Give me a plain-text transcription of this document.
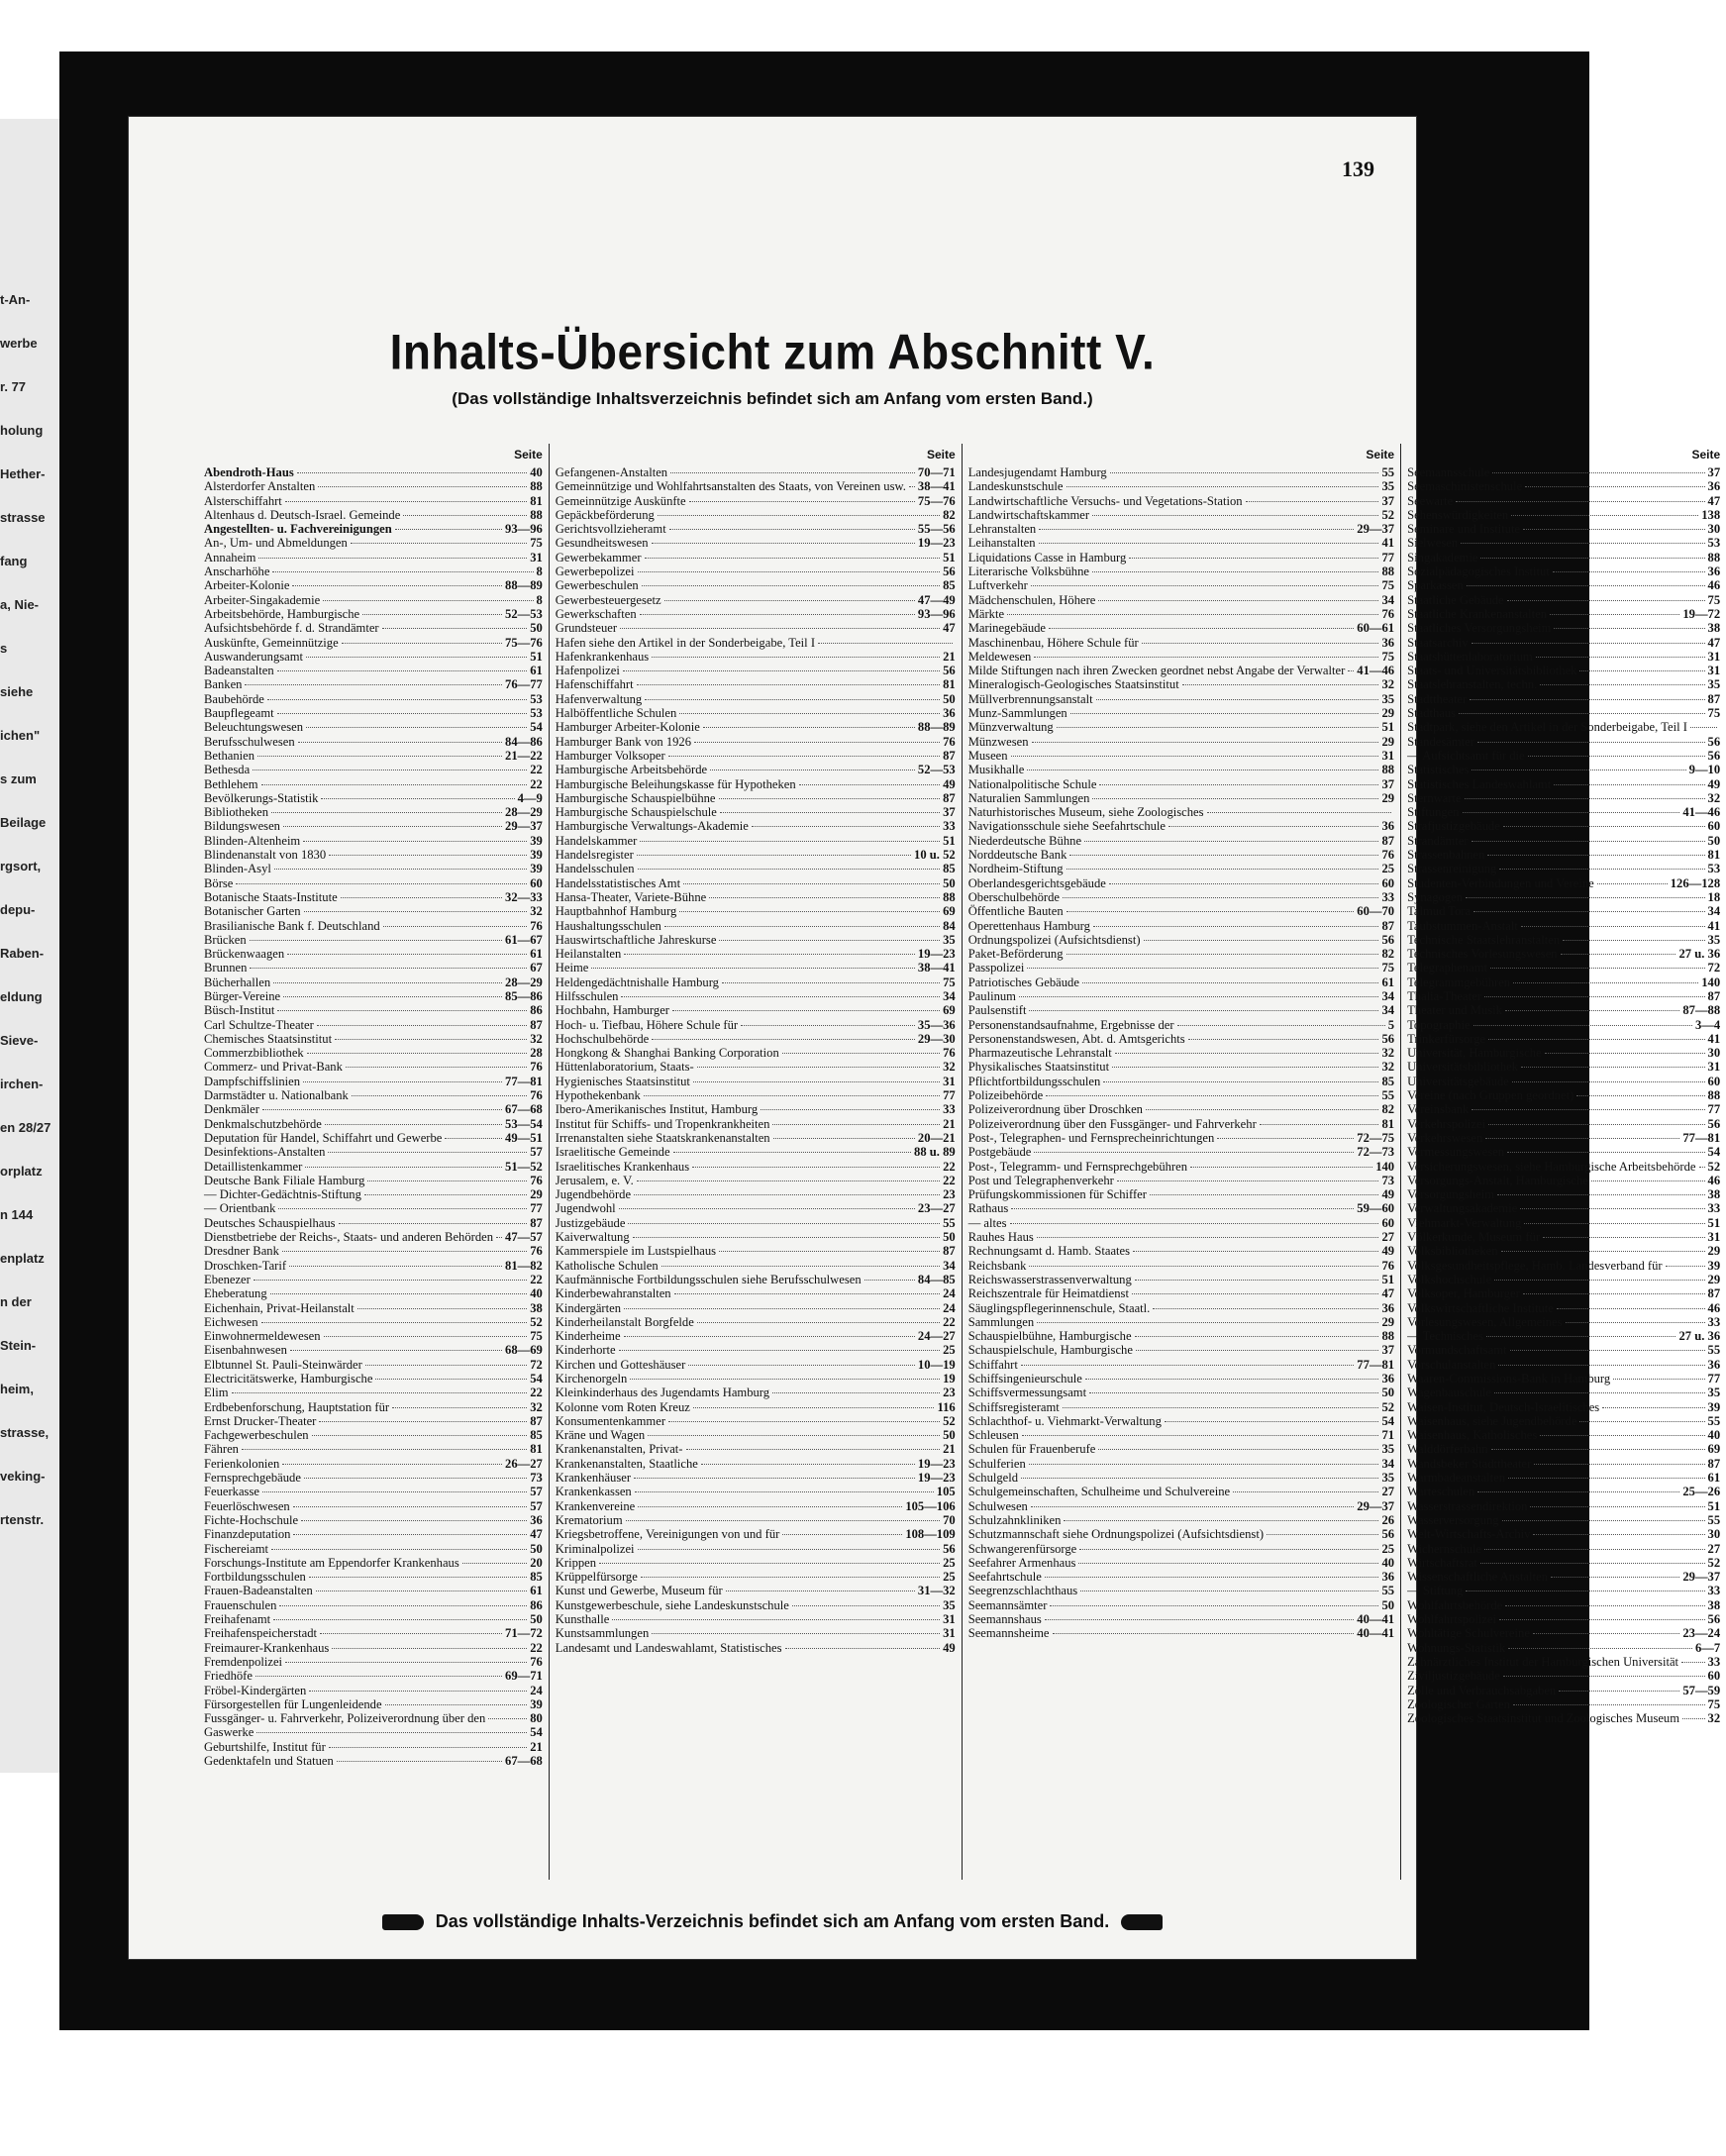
t-An-
werbe
r. 77
holung
Hether-
strasse
fang
a, Nie-
s
siehe
ichen"
s zum
Beilage
rgsort,
depu-
Raben-
eldung
Sieve-
irchen-
en 28/27
orplatz
n 144
enplatz
n der
Stein-
heim,
strasse,
veking-
rtenstr.
139
Inhalts-Übersicht zum Abschnitt V.
(Das vollständige Inhaltsverzeichnis befindet sich am Anfang vom ersten Band.)
Seite
Abendroth-Haus	40
Alsterdorfer Anstalten	88
Alsterschiffahrt	81
Altenhaus d. Deutsch-Israel. Gemeinde	88
Angestellten- u. Fachvereinigungen	93—96
An-, Um- und Abmeldungen	75
Annaheim	31
Anscharhöhe	8
Arbeiter-Kolonie	88—89
Arbeiter-Singakademie	8
Arbeitsbehörde, Hamburgische	52—53
Aufsichtsbehörde f. d. Strandämter	50
Auskünfte, Gemeinnützige	75—76
Auswanderungsamt	51
Badeanstalten	61
Banken	76—77
Baubehörde	53
Baupflegeamt	53
Beleuchtungswesen	54
Berufsschulwesen	84—86
Bethanien	21—22
Bethesda	22
Bethlehem	22
Bevölkerungs-Statistik	4—9
Bibliotheken	28—29
Bildungswesen	29—37
Blinden-Altenheim	39
Blindenanstalt von 1830	39
Blinden-Asyl	39
Börse	60
Botanische Staats-Institute	32—33
Botanischer Garten	32
Brasilianische Bank f. Deutschland	76
Brücken	61—67
Brückenwaagen	61
Brunnen	67
Bücherhallen	28—29
Bürger-Vereine	85—86
Büsch-Institut	86
Carl Schultze-Theater	87
Chemisches Staatsinstitut	32
Commerzbibliothek	28
Commerz- und Privat-Bank	76
Dampfschiffslinien	77—81
Darmstädter u. Nationalbank	76
Denkmäler	67—68
Denkmalschutzbehörde	53—54
Deputation für Handel, Schiffahrt und Gewerbe	49—51
Desinfektions-Anstalten	57
Detaillistenkammer	51—52
Deutsche Bank Filiale Hamburg	76
— Dichter-Gedächtnis-Stiftung	29
— Orientbank	77
Deutsches Schauspielhaus	87
Dienstbetriebe der Reichs-, Staats- und anderen Behörden 47—57
Dresdner Bank	76
Droschken-Tarif	81—82
Ebenezer	22
Eheberatung	40
Eichenhain, Privat-Heilanstalt	38
Eichwesen	52
Einwohnermeldewesen	75
Eisenbahnwesen	68—69
Elbtunnel St. Pauli-Steinwärder	72
Electricitätswerke, Hamburgische	54
Elim	22
Erdbebenforschung, Hauptstation für	32
Ernst Drucker-Theater	87
Fachgewerbeschulen	85
Fähren	81
Ferienkolonien	26—27
Fernsprechgebäude	73
Feuerkasse	57
Feuerlöschwesen	57
Fichte-Hochschule	36
Finanzdeputation	47
Fischereiamt	50
Forschungs-Institute am Eppendorfer Krankenhaus	20
Fortbildungsschulen	85
Frauen-Badeanstalten	61
Frauenschulen	86
Freihafenamt	50
Freihafenspeicherstadt	71—72
Freimaurer-Krankenhaus	22
Fremdenpolizei	76
Friedhöfe	69—71
Fröbel-Kindergärten	24
Fürsorgestellen für Lungenleidende	39
Fussgänger- u. Fahrverkehr, Polizeiverordnung über den	80
Gaswerke	54
Geburtshilfe, Institut für	21
Gedenktafeln und Statuen	67—68
Seite
Gefangenen-Anstalten	70—71
Gemeinnützige und Wohlfahrtsanstalten des Staats, von Vereinen usw. 38—41
Gemeinnützige Auskünfte	75—76
Gepäckbeförderung	82
Gerichtsvollzieheramt	55—56
Gesundheitswesen	19—23
Gewerbekammer	51
Gewerbepolizei	56
Gewerbeschulen	85
Gewerbesteuergesetz	47—49
Gewerkschaften	93—96
Grundsteuer	47
Hafen siehe den Artikel in der Sonderbeigabe, Teil I
Hafenkrankenhaus	21
Hafenpolizei	56
Hafenschiffahrt	81
Hafenverwaltung	50
Halböffentliche Schulen	36
Hamburger Arbeiter-Kolonie	88—89
Hamburger Bank von 1926	76
Hamburger Volksoper	87
Hamburgische Arbeitsbehörde	52—53
Hamburgische Beleihungskasse für Hypotheken	49
Hamburgische Schauspielbühne	87
Hamburgische Schauspielschule	37
Hamburgische Verwaltungs-Akademie	33
Handelskammer	51
Handelsregister	10 u. 52
Handelsschulen	85
Handelsstatistisches Amt	50
Hansa-Theater, Variete-Bühne	88
Hauptbahnhof Hamburg	69
Haushaltungsschulen	84
Hauswirtschaftliche Jahreskurse	35
Heilanstalten	19—23
Heime	38—41
Heldengedächtnishalle Hamburg	75
Hilfsschulen	34
Hochbahn, Hamburger	69
Hoch- u. Tiefbau, Höhere Schule für	35—36
Hochschulbehörde	29—30
Hongkong & Shanghai Banking Corporation	76
Hüttenlaboratorium, Staats-	32
Hygienisches Staatsinstitut	31
Hypothekenbank	77
Ibero-Amerikanisches Institut, Hamburg	33
Institut für Schiffs- und Tropenkrankheiten	21
Irrenanstalten siehe Staatskrankenanstalten	20—21
Israelitische Gemeinde	88 u. 89
Israelitisches Krankenhaus	22
Jerusalem, e. V.	22
Jugendbehörde	23
Jugendwohl	23—27
Justizgebäude	55
Kaiverwaltung	50
Kammerspiele im Lustspielhaus	87
Katholische Schulen	34
Kaufmännische Fortbildungsschulen siehe Berufsschulwesen	84—85
Kinderbewahranstalten	24
Kindergärten	24
Kinderheilanstalt Borgfelde	22
Kinderheime	24—27
Kinderhorte	25
Kirchen und Gotteshäuser	10—19
Kirchenorgeln	19
Kleinkinderhaus des Jugendamts Hamburg	23
Kolonne vom Roten Kreuz	116
Konsumentenkammer	52
Kräne und Wagen	50
Krankenanstalten, Privat-	21
Krankenanstalten, Staatliche	19—23
Krankenhäuser	19—23
Krankenkassen	105
Krankenvereine	105—106
Krematorium	70
Kriegsbetroffene, Vereinigungen von und für	108—109
Kriminalpolizei	56
Krippen	25
Krüppelfürsorge	25
Kunst und Gewerbe, Museum für	31—32
Kunstgewerbeschule, siehe Landeskunstschule	35
Kunsthalle	31
Kunstsammlungen	31
Landesamt und Landeswahlamt, Statistisches	49
Seite
Landesjugendamt Hamburg	55
Landeskunstschule	35
Landwirtschaftliche Versuchs- und Vegetations-Station	37
Landwirtschaftskammer	52
Lehranstalten	29—37
Leihanstalten	41
Liquidations Casse in Hamburg	77
Literarische Volksbühne	88
Luftverkehr	75
Mädchenschulen, Höhere	34
Märkte	76
Marinegebäude	60—61
Maschinenbau, Höhere Schule für	36
Meldewesen	75
Milde Stiftungen nach ihren Zwecken geordnet nebst Angabe der Verwalter 41—46
Mineralogisch-Geologisches Staatsinstitut	32
Müllverbrennungsanstalt	35
Munz-Sammlungen	29
Münzverwaltung	51
Münzwesen	29
Museen	31
Musikhalle	88
Nationalpolitische Schule	37
Naturalien Sammlungen	29
Naturhistorisches Museum, siehe Zoologisches
Navigationsschule siehe Seefahrtschule	36
Niederdeutsche Bühne	87
Norddeutsche Bank	76
Nordheim-Stiftung	25
Oberlandesgerichtsgebäude	60
Oberschulbehörde	33
Öffentliche Bauten	60—70
Operettenhaus Hamburg	87
Ordnungspolizei (Aufsichtsdienst)	56
Paket-Beförderung	82
Passpolizei	75
Patriotisches Gebäude	61
Paulinum	34
Paulsenstift	34
Personenstandsaufnahme, Ergebnisse der	5
Personenstandswesen, Abt. d. Amtsgerichts	56
Pharmazeutische Lehranstalt	32
Physikalisches Staatsinstitut	32
Pflichtfortbildungsschulen	85
Polizeibehörde	55
Polizeiverordnung über Droschken	82
Polizeiverordnung über den Fussgänger- und Fahrverkehr	81
Post-, Telegraphen- und Fernsprecheinrichtungen	72—75
Postgebäude	72—73
Post-, Telegramm- und Fernsprechgebühren	140
Post und Telegraphenverkehr	73
Prüfungskommissionen für Schiffer	49
Rathaus	59—60
— altes	60
Rauhes Haus	27
Rechnungsamt d. Hamb. Staates	49
Reichsbank	76
Reichswasserstrassenverwaltung	51
Reichszentrale für Heimatdienst	47
Säuglingspflegerinnenschule, Staatl.	36
Sammlungen	29
Schauspielbühne, Hamburgische	88
Schauspielschule, Hamburgische	37
Schiffahrt	77—81
Schiffsingenieurschule	36
Schiffsvermessungsamt	50
Schiffsregisteramt	52
Schlachthof- u. Viehmarkt-Verwaltung	54
Schleusen	71
Schulen für Frauenberufe	35
Schulferien	34
Schulgeld	35
Schulgemeinschaften, Schulheime und Schulvereine	27
Schulwesen	29—37
Schulzahnkliniken	26
Schutzmannschaft siehe Ordnungspolizei (Aufsichtsdienst)	56
Schwangerenfürsorge	25
Seefahrer Armenhaus	40
Seefahrtschule	36
Seegrenzschlachthaus	55
Seemannsämter	50
Seemannshaus	40—41
Seemannsheime	40—41
Seite
Seemannsschule	37
Seemaschinistenschule	36
Seewarte	47
Sehenswürdigkeiten	138
Seminare und Institute	30
Sielwesen	53
Singakademie	88
Sozialpädagogisches Institut	36
Sparkassen	46
Staatliche Gebäude	75
Staatliche Krankenanstalten	19—72
Staatliches Versorgungsheim	38
Staatsarchiv	47
Staatshüttenlaboratorium	31
Staats- und Universitätsbibliothek	31
Staatslehranstalten, techn.	35
Stadttheater	87
Stadthaus	75
Stadtpark, siehe den Artikel in der Sonderbeigabe, Teil I
Standesämter	56
— Aufsichtsamt für die	56
Statistisches	9—10
Statistisches Landeswahlamt	49
Sternwarte	32
Stiftungen	41—46
Strafjustizgebäude	60
Strandämter	50
Strassenbahnen	81
Strassenreinigung	53
Studenten-Verbindungen und Vereine	126—128
Synagogen	18
Talmud Tora	34
Taubstummen-Anstalt	41
Technische Staatslehranstalten	35
Technisches Vorlesungswesen	27 u. 36
Telegraphenamt	72
Telegrammgebühren	140
Thalia-Theater	87
Theater und Musik	87—88
Topographie	3—4
Trinkerfürsorge	41
Universität, Hamburgische	30
Universitätsbibliothek	31
Universitätsgebäude	60
Vereine (nach Gruppen geordnet)	88
Vereinsbank	77
Verkehrspolizei	56
Verkehrswesen	77—81
Vermessungswesen	54
Versicherungswesen, siehe Hamburgische Arbeitsbehörde 52
Versorgungs-Anstalt, Hamburgische	46
Versorgungsheim	38
Verwaltungsakademie	33
Viehmarkt-Verwaltung	51
Völkerkunde, Museum für	31
Volksbibliotheken	29
Volksgesundheitspflege, Hamb. Landesverband für	39
Volkshochschule	29
Volksoper, Hamburger	87
Volkswirtschaftliche Institute	46
Vorlesungswesen, Allgemeines	33
— Technisches	27 u. 36
Vormundschaftsamt	55
Vorschulanstalten	36
Waaren-Commissions-Bank in Hamburg	77
Wagenbauschule	35
Waisen-Institut, Deutsch-Israelitisches	39
Waisenhaus, siehe Jugendbehörde	55
Waisenhaus, Katholisches	40
Walddörferbahn	69
Wandsbeker Stadttheater	87
Warmbadeanstalten	61
Warteschulen	25—26
Wasserstrassendirektion	51
Wasserversorgung	55
Welt-Wirtschafts-Archiv	30
Wichernschule	27
Wirtschaftsrat	52
Wissenschaftliche Anstalten	29—37
— Stiftung	33
Wohlfahrtsbehörde	38
Wohlfahrtspolizei	56
Wohltätige Schulvereine	23—24
Wohnungs-Statistik	6—7
Zahnärztliches Institut der Hamburgischen Universität 33
Ziviljustizgebäude	60
Zölle und Verbrauchsabgaben	57—59
Zoologischer Garten	75
Zoologisches Staatsinstitut und Zoologisches Museum 32
Das vollständige Inhalts-Verzeichnis befindet sich am Anfang vom ersten Band.
